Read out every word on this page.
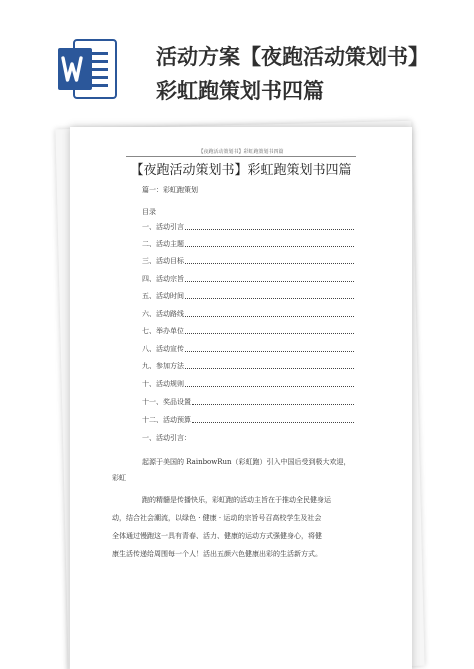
活动方案【夜跑活动策划书】
彩虹跑策划书四篇
【夜跑活动策划书】彩虹跑策划书四篇
【夜跑活动策划书】彩虹跑策划书四篇
篇一：彩虹跑策划
目录
一、活动引言
二、活动主题
三、活动目标
四、活动宗旨
五、活动时间
六、活动路线
七、举办单位
八、活动宣传
九、参加方法
十、活动规则
十一、奖品设置
十二、活动预算
一、活动引言：
起源于美国的 RainbowRun（彩虹跑）引入中国后受到极大欢迎，
彩虹
跑的精髓是传播快乐，彩虹跑的活动主旨在于推动全民健身运
动，结合社会潮流，以绿色 · 健康 · 运动的宗旨号召高校学生及社会
全体通过慢跑这一具有青春、活力、健康的运动方式强健身心，将健
康生活传递给周围每一个人！活出五颜六色健康出彩的生活新方式。
